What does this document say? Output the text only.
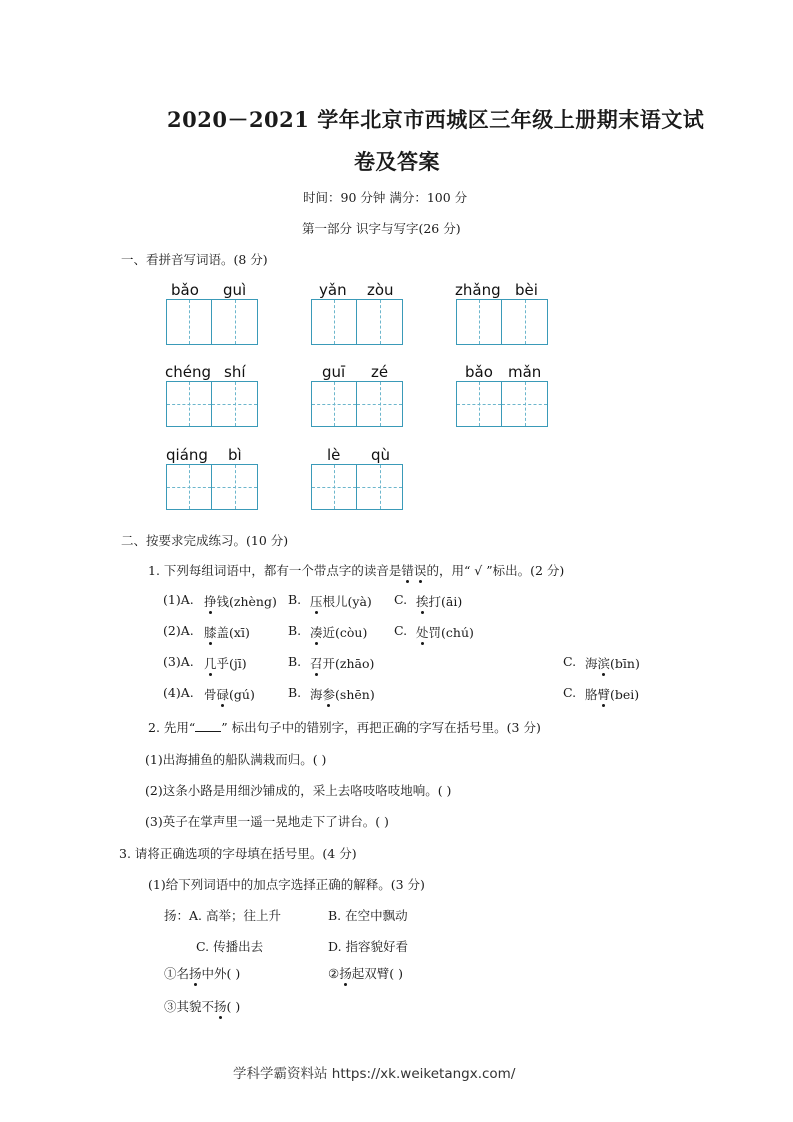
2020－2021 学年北京市西城区三年级上册期末语文试
卷及答案
时间：90 分钟 满分：100 分
第一部分 识字与写字(26 分)
一、看拼音写词语。(8 分)
bǎo guì	yǎn zòu	zhǎng bèi
chéng shí	guī zé	bǎo mǎn
qiáng bì	lè qù
二、按要求完成练习。(10 分)
1. 下列每组词语中，都有一个带点字的读音是错误的，用“ √ ”标出。(2 分)
(1)A. 挣钱(zhèng) B. 压根儿(yà) C. 挨打(āi)
(2)A. 膝盖(xī)	B. 凑近(còu) C. 处罚(chú)
(3)A. 几乎(jī)	B. 召开(zhāo)	C. 海滨(bīn)
(4)A. 骨碌(gú)	B. 海参(shēn)	C. 胳臂(bei)
2. 先用“ ” 标出句子中的错别字，再把正确的字写在括号里。(3 分)
(1)出海捕鱼的船队满栽而归。( )
(2)这条小路是用细沙铺成的，采上去咯吱咯吱地响。( )
(3)英子在掌声里一遥一晃地走下了讲台。( )
3. 请将正确选项的字母填在括号里。(4 分)
(1)给下列词语中的加点字选择正确的解释。(3 分)
扬：A. 高举；往上升	B. 在空中飘动
C. 传播出去	D. 指容貌好看
①名扬中外( )	②扬起双臂( )
③其貌不扬( )
学科学霸资料站 https://xk.weiketangx.com/
